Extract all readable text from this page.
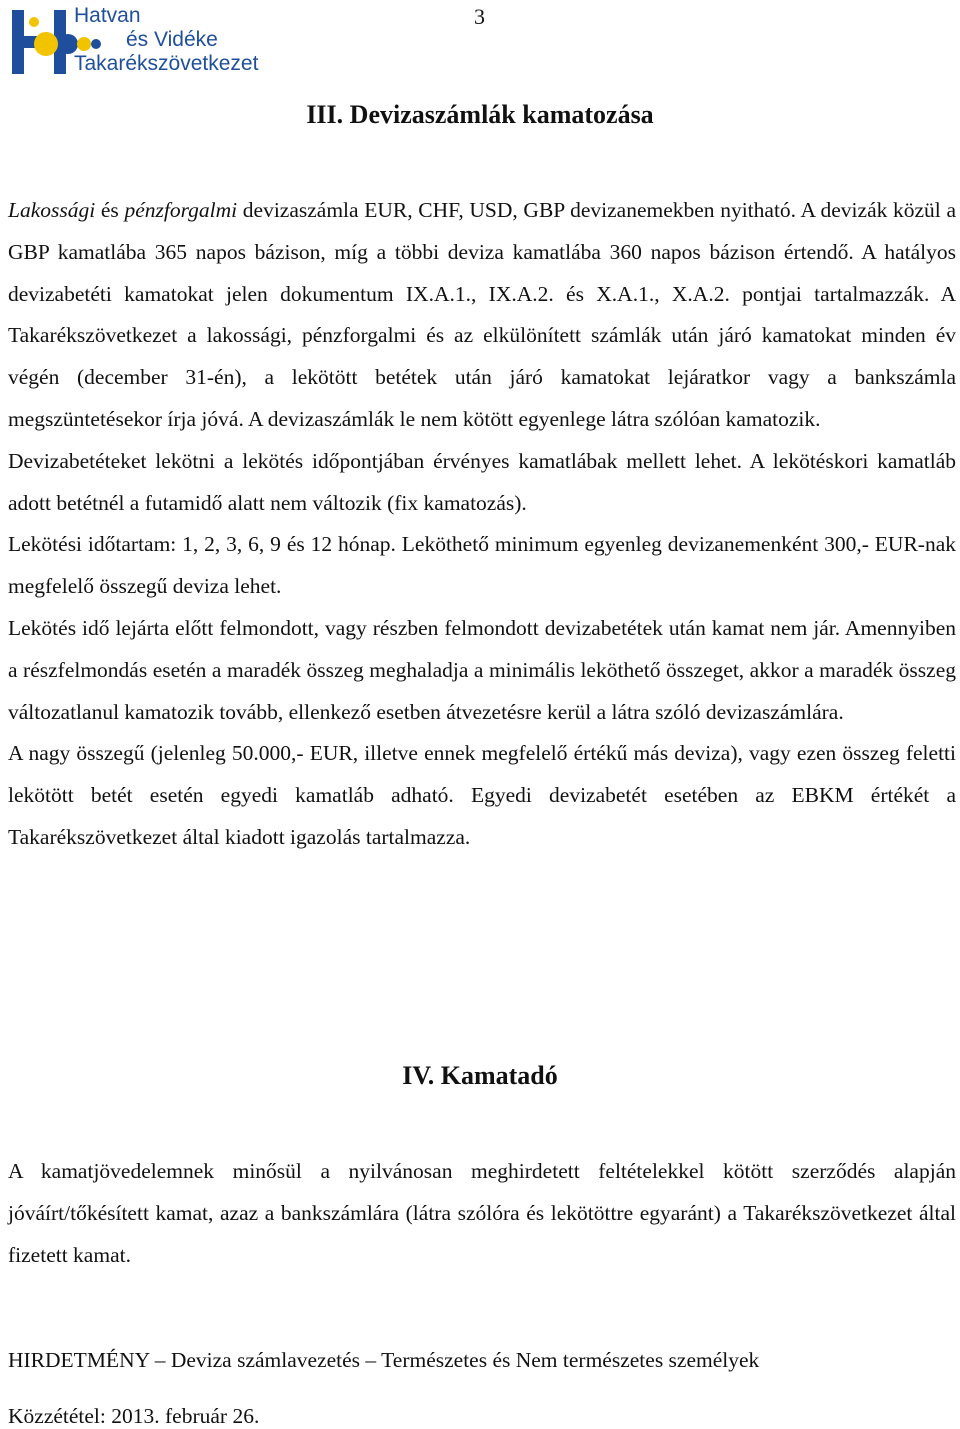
Hatvan
és Vidéke
Takarékszövetkezet
3
III. Devizaszámlák kamatozása

Lakossági és pénzforgalmi devizaszámla EUR, CHF, USD, GBP devizanemekben nyitható. A devizák közül a GBP kamatlába 365 napos bázison, míg a többi deviza kamatlába 360 napos bázison értendő. A hatályos devizabetéti kamatokat jelen dokumentum IX.A.1., IX.A.2. és X.A.1., X.A.2. pontjai tartalmazzák. A Takarékszövetkezet a lakossági, pénzforgalmi és az elkülönített számlák után járó kamatokat minden év végén (december 31-én), a lekötött betétek után járó kamatokat lejáratkor vagy a bankszámla megszüntetésekor írja jóvá. A devizaszámlák le nem kötött egyenlege látra szólóan kamatozik.

Devizabetéteket lekötni a lekötés időpontjában érvényes kamatlábak mellett lehet. A lekötéskori kamatláb adott betétnél a futamidő alatt nem változik (fix kamatozás).

Lekötési időtartam: 1, 2, 3, 6, 9 és 12 hónap. Leköthető minimum egyenleg devizanemenként 300,- EUR-nak megfelelő összegű deviza lehet.

Lekötés idő lejárta előtt felmondott, vagy részben felmondott devizabetétek után kamat nem jár. Amennyiben a részfelmondás esetén a maradék összeg meghaladja a minimális leköthető összeget, akkor a maradék összeg változatlanul kamatozik tovább, ellenkező esetben átvezetésre kerül a látra szóló devizaszámlára.

A nagy összegű (jelenleg 50.000,- EUR, illetve ennek megfelelő értékű más deviza), vagy ezen összeg feletti lekötött betét esetén egyedi kamatláb adható. Egyedi devizabetét esetében az EBKM értékét a Takarékszövetkezet által kiadott igazolás tartalmazza.

IV. Kamatadó

A kamatjövedelemnek minősül a nyilvánosan meghirdetett feltételekkel kötött szerződés alapján jóváírt/tőkésített kamat, azaz a bankszámlára (látra szólóra és lekötöttre egyaránt) a Takarékszövetkezet által fizetett kamat.

HIRDETMÉNY – Deviza számlavezetés – Természetes és Nem természetes személyek
Közzététel: 2013. február 26.
